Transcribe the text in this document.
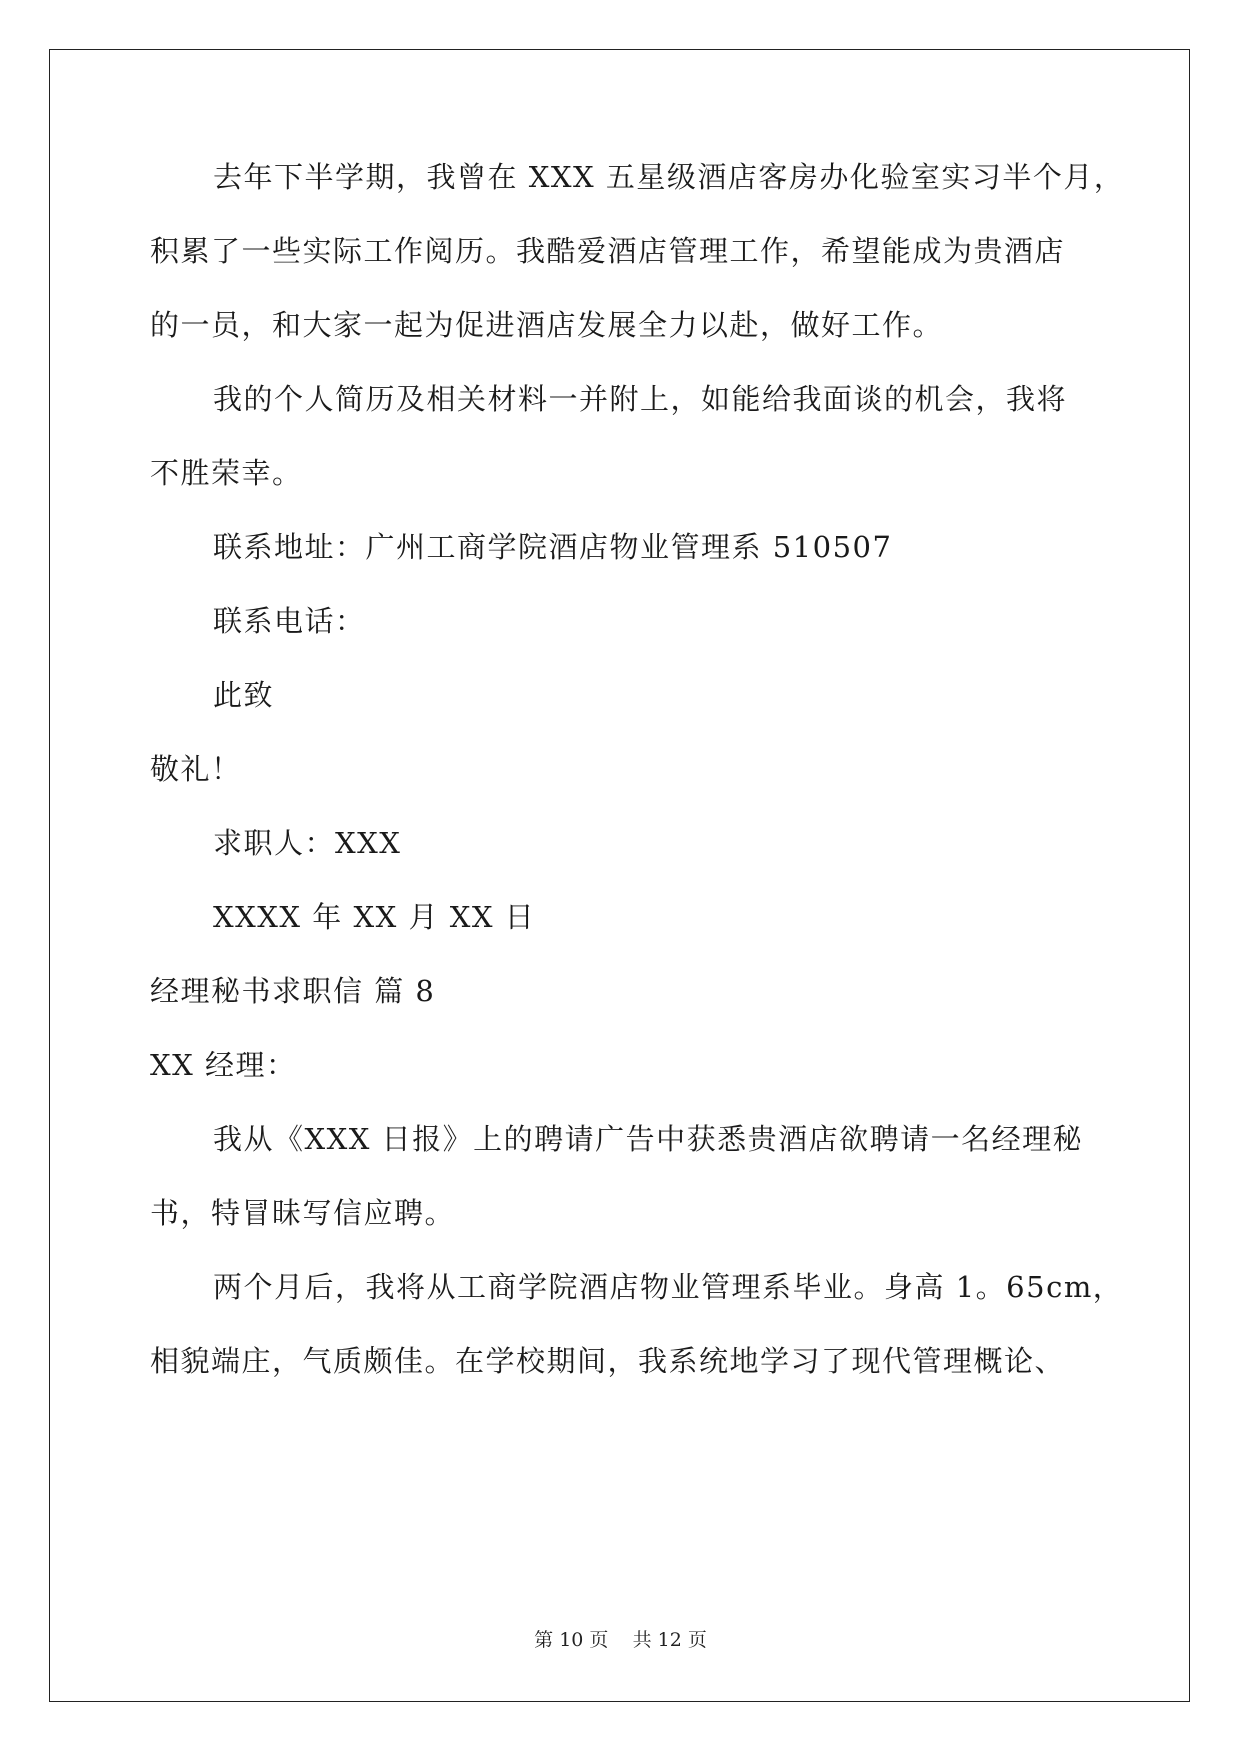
去年下半学期，我曾在 XXX 五星级酒店客房办化验室实习半个月，
积累了一些实际工作阅历。我酷爱酒店管理工作，希望能成为贵酒店
的一员，和大家一起为促进酒店发展全力以赴，做好工作。
我的个人简历及相关材料一并附上，如能给我面谈的机会，我将
不胜荣幸。
联系地址：广州工商学院酒店物业管理系 510507
联系电话：
此致
敬礼！
求职人：XXX
XXXX 年 XX 月 XX 日
经理秘书求职信 篇 8
XX 经理：
我从《XXX 日报》上的聘请广告中获悉贵酒店欲聘请一名经理秘
书，特冒昧写信应聘。
两个月后，我将从工商学院酒店物业管理系毕业。身高 1。65cm，
相貌端庄，气质颇佳。在学校期间，我系统地学习了现代管理概论、
第 10 页    共 12 页
